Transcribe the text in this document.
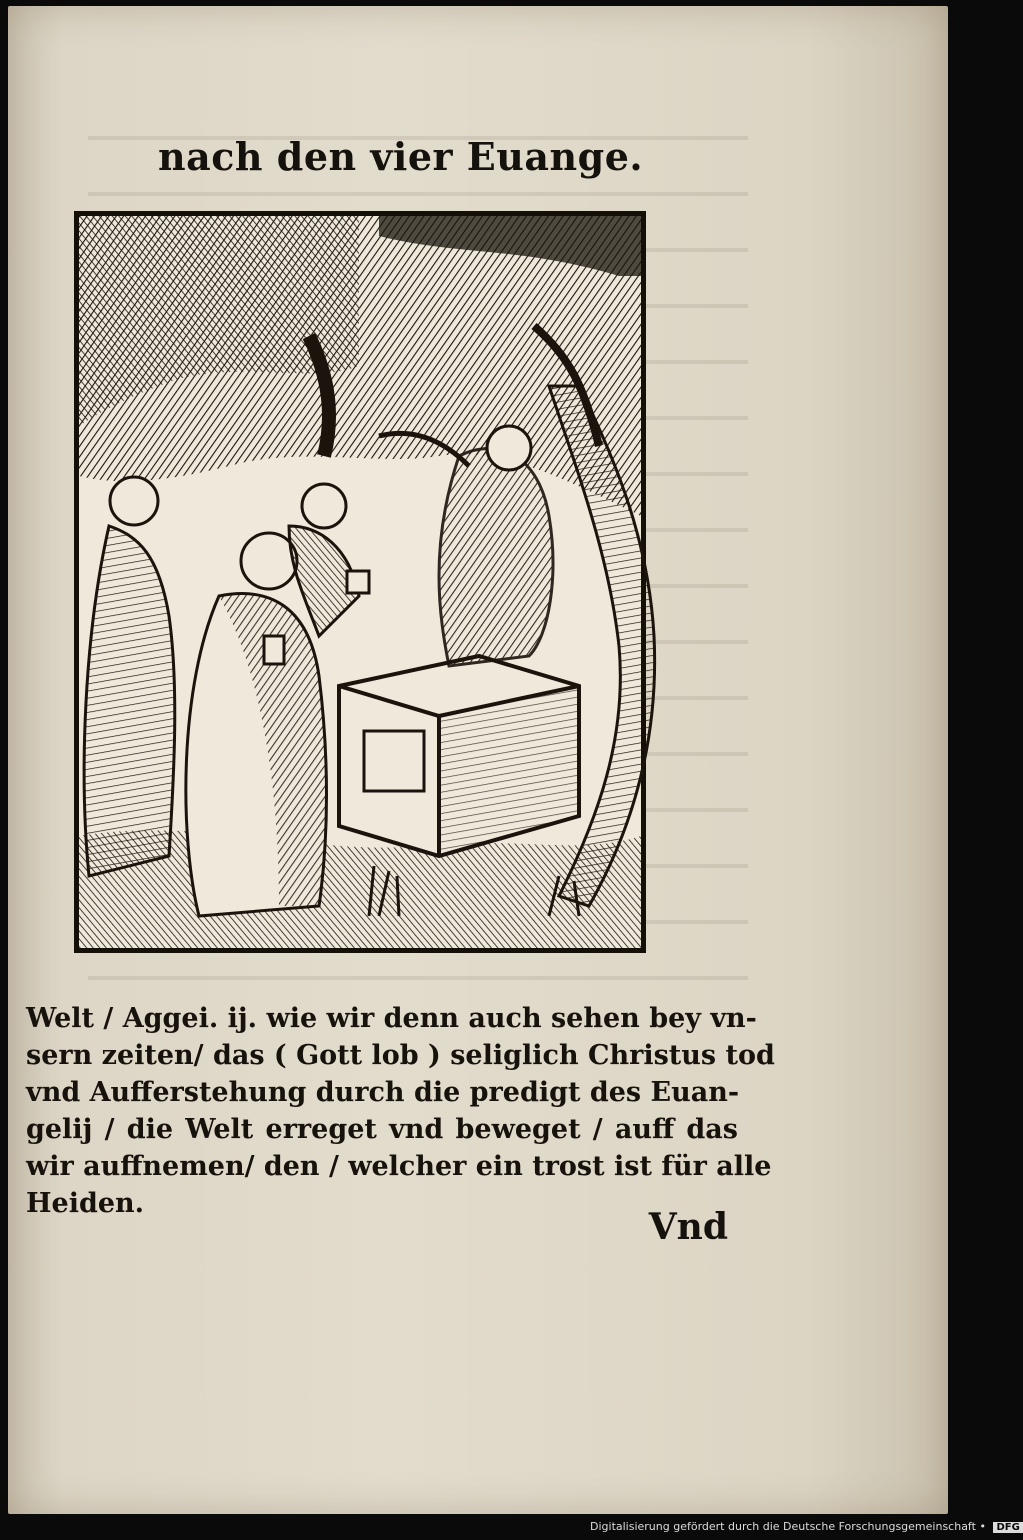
nach den vier Euange.
Welt / Aggei. ij. wie wir denn auch sehen bey vn-
sern zeiten/ das ( Gott lob ) seliglich Christus tod
vnd Aufferstehung durch die predigt des Euan-
gelij / die Welt erreget vnd beweget / auff das
wir auffnemen/ den / welcher ein trost ist für alle
Heiden.
Vnd
Digitalisierung gefördert durch die Deutsche Forschungsgemeinschaft • DFG
